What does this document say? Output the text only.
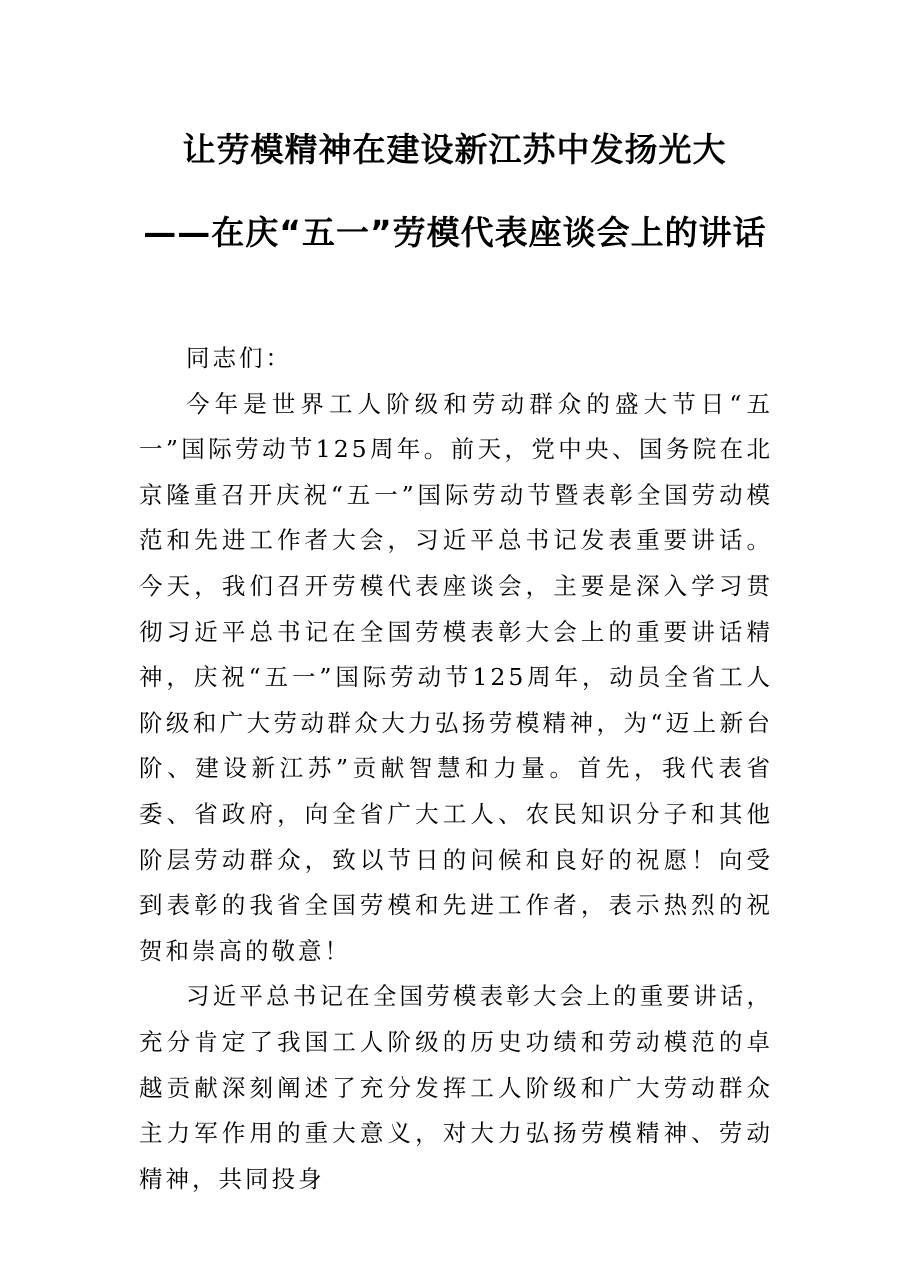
让劳模精神在建设新江苏中发扬光大
——在庆“五一”劳模代表座谈会上的讲话

同志们：

今年是世界工人阶级和劳动群众的盛大节日“五一”国际劳动节125周年。前天，党中央、国务院在北京隆重召开庆祝“五一”国际劳动节暨表彰全国劳动模范和先进工作者大会，习近平总书记发表重要讲话。今天，我们召开劳模代表座谈会，主要是深入学习贯彻习近平总书记在全国劳模表彰大会上的重要讲话精神，庆祝“五一”国际劳动节125周年，动员全省工人阶级和广大劳动群众大力弘扬劳模精神，为“迈上新台阶、建设新江苏”贡献智慧和力量。首先，我代表省委、省政府，向全省广大工人、农民知识分子和其他阶层劳动群众，致以节日的问候和良好的祝愿！向受到表彰的我省全国劳模和先进工作者，表示热烈的祝贺和崇高的敬意！

习近平总书记在全国劳模表彰大会上的重要讲话，充分肯定了我国工人阶级的历史功绩和劳动模范的卓越贡献深刻阐述了充分发挥工人阶级和广大劳动群众主力军作用的重大意义，对大力弘扬劳模精神、劳动精神，共同投身
